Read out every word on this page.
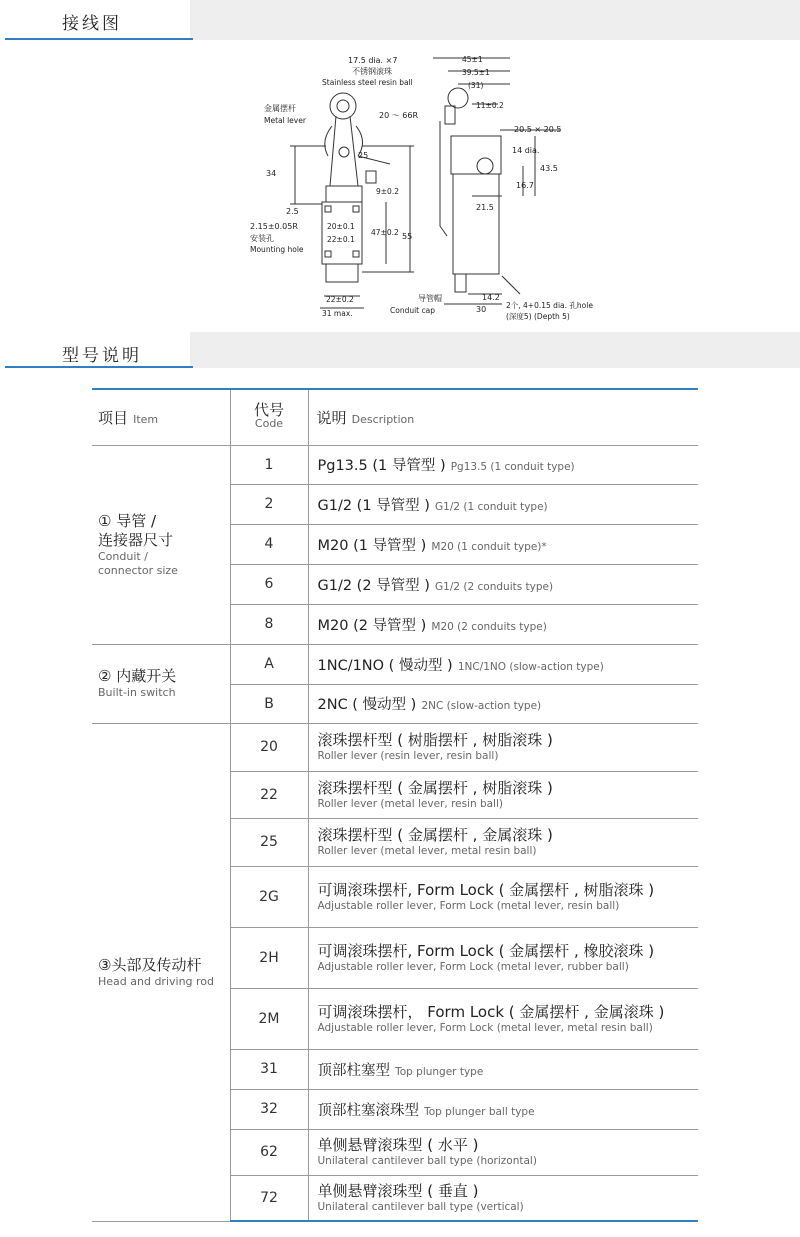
接线图
17.5 dia. ×7
不锈钢滚珠
Stainless steel resin ball
金属摆杆
Metal lever
20 ～ 66R
25
34
9±0.2
2.5
2.15±0.05R
安装孔
Mounting hole
20±0.1
22±0.1
47±0.2 55
22±0.2
31 max.
45±1
39.5±1
(31)
11±0.2
20.5 × 20.5
14 dia.
43.5
16.7
21.5
导管帽
Conduit cap
14.2
30	2个, 4+0.15 dia. 孔hole
(深度5) (Depth 5)
型号说明
项目 Item	代号
Code	说明 Description

① 导管 /
连接器尺寸
Conduit /
connector size	1	Pg13.5 (1 导管型 ) Pg13.5 (1 conduit type)
	2	G1/2 (1 导管型 ) G1/2 (1 conduit type)
	4	M20 (1 导管型 ) M20 (1 conduit type)*
	6	G1/2 (2 导管型 ) G1/2 (2 conduits type)
	8	M20 (2 导管型 ) M20 (2 conduits type)

② 内藏开关
Built-in switch	A	1NC/1NO ( 慢动型 ) 1NC/1NO (slow-action type)
	B	2NC ( 慢动型 ) 2NC (slow-action type)

③头部及传动杆
Head and driving rod	20	滚珠摆杆型 ( 树脂摆杆 , 树脂滚珠 )
Roller lever (resin lever, resin ball)

	22	滚珠摆杆型 ( 金属摆杆 , 树脂滚珠 )
Roller lever (metal lever, resin ball)

	25	滚珠摆杆型 ( 金属摆杆 , 金属滚珠 )
Roller lever (metal lever, metal resin ball)

	2G	可调滚珠摆杆, Form Lock ( 金属摆杆 , 树脂滚珠 )
Adjustable roller lever, Form Lock (metal lever, resin ball)

	2H	可调滚珠摆杆, Form Lock ( 金属摆杆 , 橡胶滚珠 )
Adjustable roller lever, Form Lock (metal lever, rubber ball)

	2M	可调滚珠摆杆， Form Lock ( 金属摆杆 , 金属滚珠 )
Adjustable roller lever, Form Lock (metal lever, metal resin ball)

	31	顶部柱塞型 Top plunger type
	32	顶部柱塞滚珠型 Top plunger ball type
	62	单侧悬臂滚珠型 ( 水平 )
Unilateral cantilever ball type (horizontal)

	72	单侧悬臂滚珠型 ( 垂直 )
Unilateral cantilever ball type (vertical)
